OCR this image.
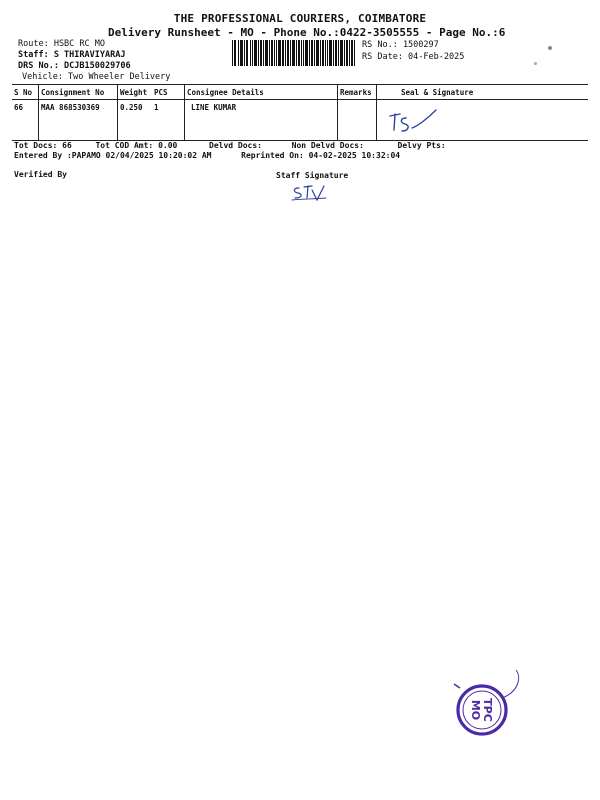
THE PROFESSIONAL COURIERS, COIMBATORE
Delivery Runsheet - MO - Phone No.:0422-3505555 - Page No.:6
Route: HSBC RC MO
Staff: S THIRAVIYARAJ
DRS No.: DCJB150029706
Vehicle: Two Wheeler Delivery
RS No.: 1500297
RS Date: 04-Feb-2025
S No	Consignment No	Weight	PCS	Consignee Details	Remarks	Seal & Signature
66	MAA 868530369	0.250	1	LINE KUMAR		
Tot Docs: 66	Tot COD Amt: 0.00	Delvd Docs:	Non Delvd Docs:	Delvy Pts:
Entered By :PAPAMO 02/04/2025 10:20:02 AM	Reprinted On: 04-02-2025 10:32:04
Verified By	Staff Signature
TPC
MO
